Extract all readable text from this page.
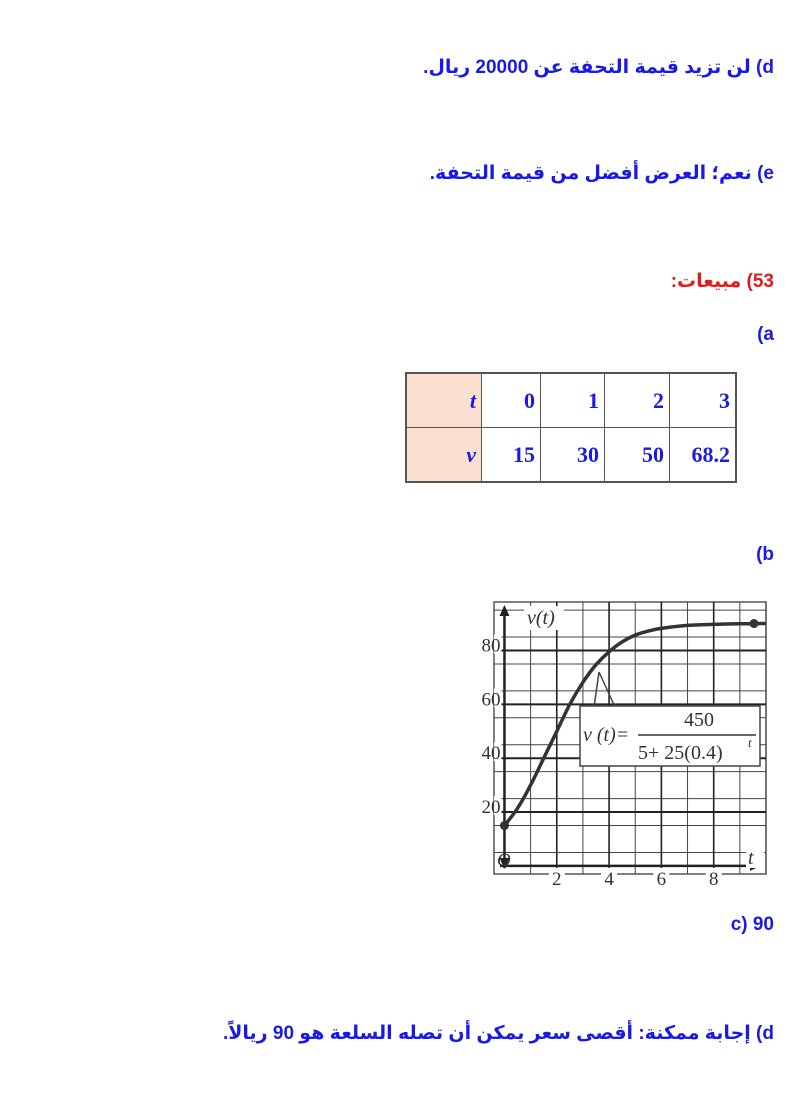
d) لن تزيد قيمة التحفة عن 20000 ريال.
e) نعم؛ العرض أفضل من قيمة التحفة.
53) مبيعات:
a)
t	0	1	2	3
v	15	30	50	68.2
b)
2 4 6 8
20
40
60
80
v (t)=
450
5+ 25(0.4) t
v(t)
t
O
c) 90
d) إجابة ممكنة: أقصى سعر يمكن أن تصله السلعة هو 90 ريالاً.
